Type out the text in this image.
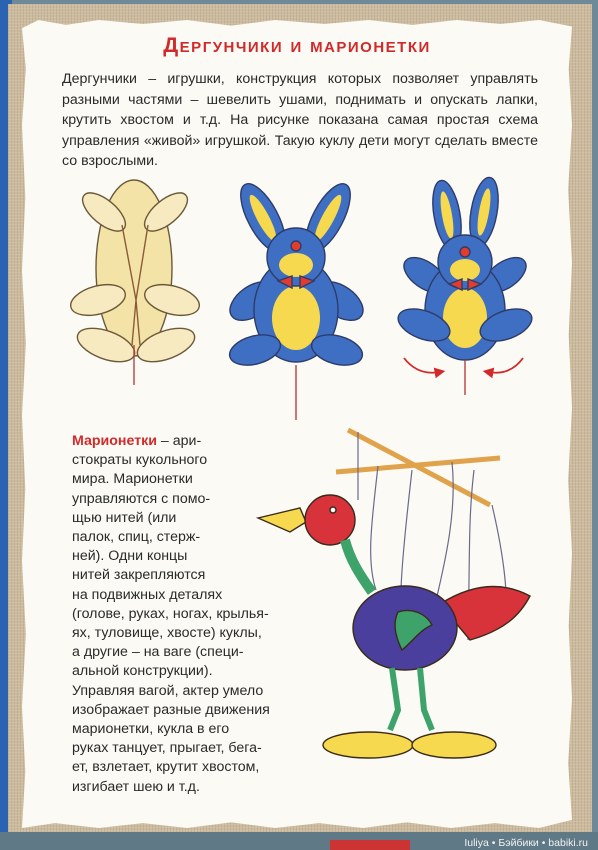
Дергунчики и марионетки

Дергунчики – игрушки, конструкция которых позволяет управлять разными частями – шевелить ушами, поднимать и опускать лапки, крутить хвостом и т.д. На рисунке показана самая простая схема управления «живой» игрушкой. Такую куклу дети могут сделать вместе со взрослыми.

Марионетки – ари-
стократы кукольного
мира. Марионетки
управляются с помо-
щью нитей (или
палок, спиц, стерж-
ней). Одни концы
нитей закрепляются
на подвижных деталях
(голове, руках, ногах, крылья-
ях, туловище, хвосте) куклы,
а другие – на ваге (специ-
альной конструкции).
Управляя вагой, актер умело
изображает разные движения
марионетки, кукла в его
руках танцует, прыгает, бега-
ет, взлетает, крутит хвостом,
изгибает шею и т.д.
Iuliya • Бэйбики • babiki.ru
